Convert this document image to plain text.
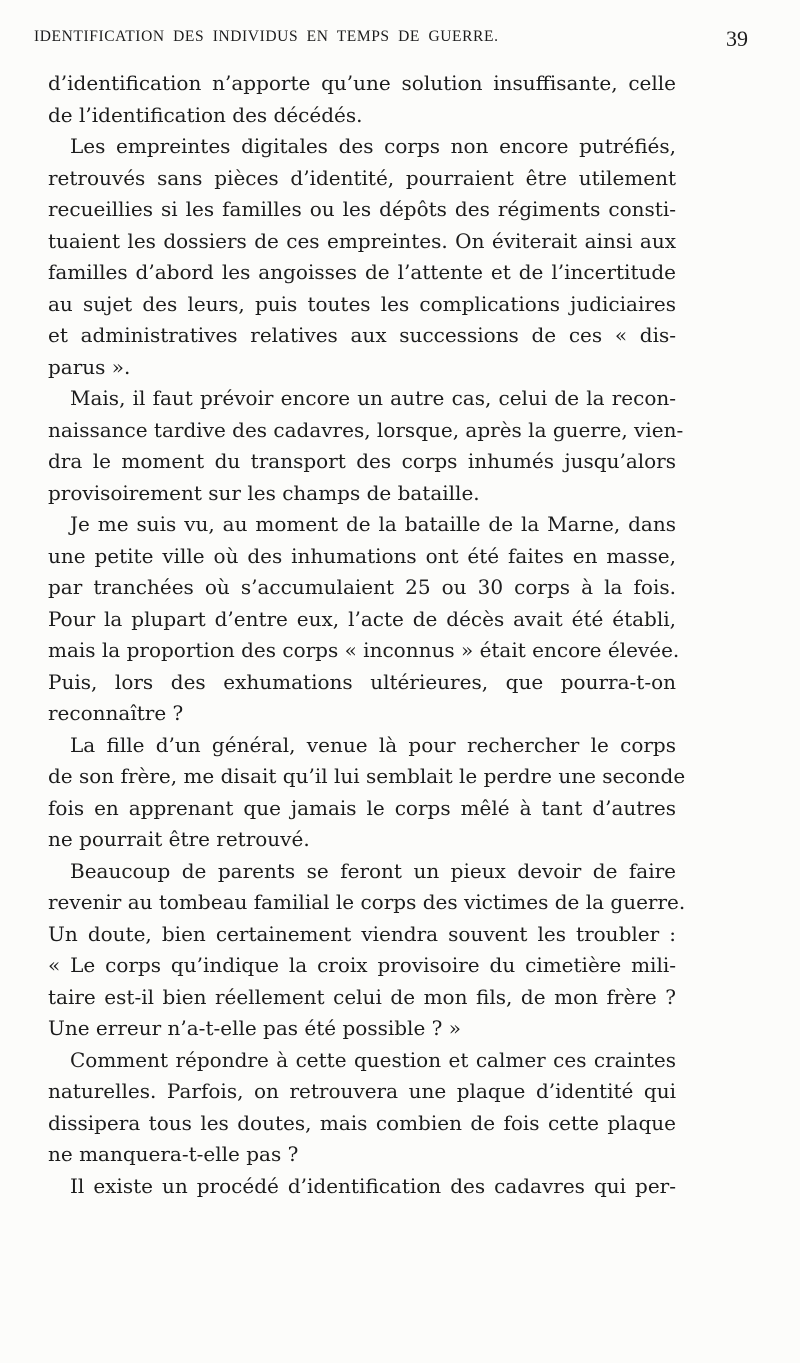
IDENTIFICATION DES INDIVIDUS EN TEMPS DE GUERRE.	39
d’identification n’apporte qu’une solution insuffisante, celle
de l’identification des décédés.
Les empreintes digitales des corps non encore putréfiés,
retrouvés sans pièces d’identité, pourraient être utilement
recueillies si les familles ou les dépôts des régiments consti-
tuaient les dossiers de ces empreintes. On éviterait ainsi aux
familles d’abord les angoisses de l’attente et de l’incertitude
au sujet des leurs, puis toutes les complications judiciaires
et administratives relatives aux successions de ces « dis-
parus ».
Mais, il faut prévoir encore un autre cas, celui de la recon-
naissance tardive des cadavres, lorsque, après la guerre, vien-
dra le moment du transport des corps inhumés jusqu’alors
provisoirement sur les champs de bataille.
Je me suis vu, au moment de la bataille de la Marne, dans
une petite ville où des inhumations ont été faites en masse,
par tranchées où s’accumulaient 25 ou 30 corps à la fois.
Pour la plupart d’entre eux, l’acte de décès avait été établi,
mais la proportion des corps « inconnus » était encore élevée.
Puis, lors des exhumations ultérieures, que pourra-t-on
reconnaître ?
La fille d’un général, venue là pour rechercher le corps
de son frère, me disait qu’il lui semblait le perdre une seconde
fois en apprenant que jamais le corps mêlé à tant d’autres
ne pourrait être retrouvé.
Beaucoup de parents se feront un pieux devoir de faire
revenir au tombeau familial le corps des victimes de la guerre.
Un doute, bien certainement viendra souvent les troubler :
« Le corps qu’indique la croix provisoire du cimetière mili-
taire est-il bien réellement celui de mon fils, de mon frère ?
Une erreur n’a-t-elle pas été possible ? »
Comment répondre à cette question et calmer ces craintes
naturelles. Parfois, on retrouvera une plaque d’identité qui
dissipera tous les doutes, mais combien de fois cette plaque
ne manquera-t-elle pas ?
Il existe un procédé d’identification des cadavres qui per-
